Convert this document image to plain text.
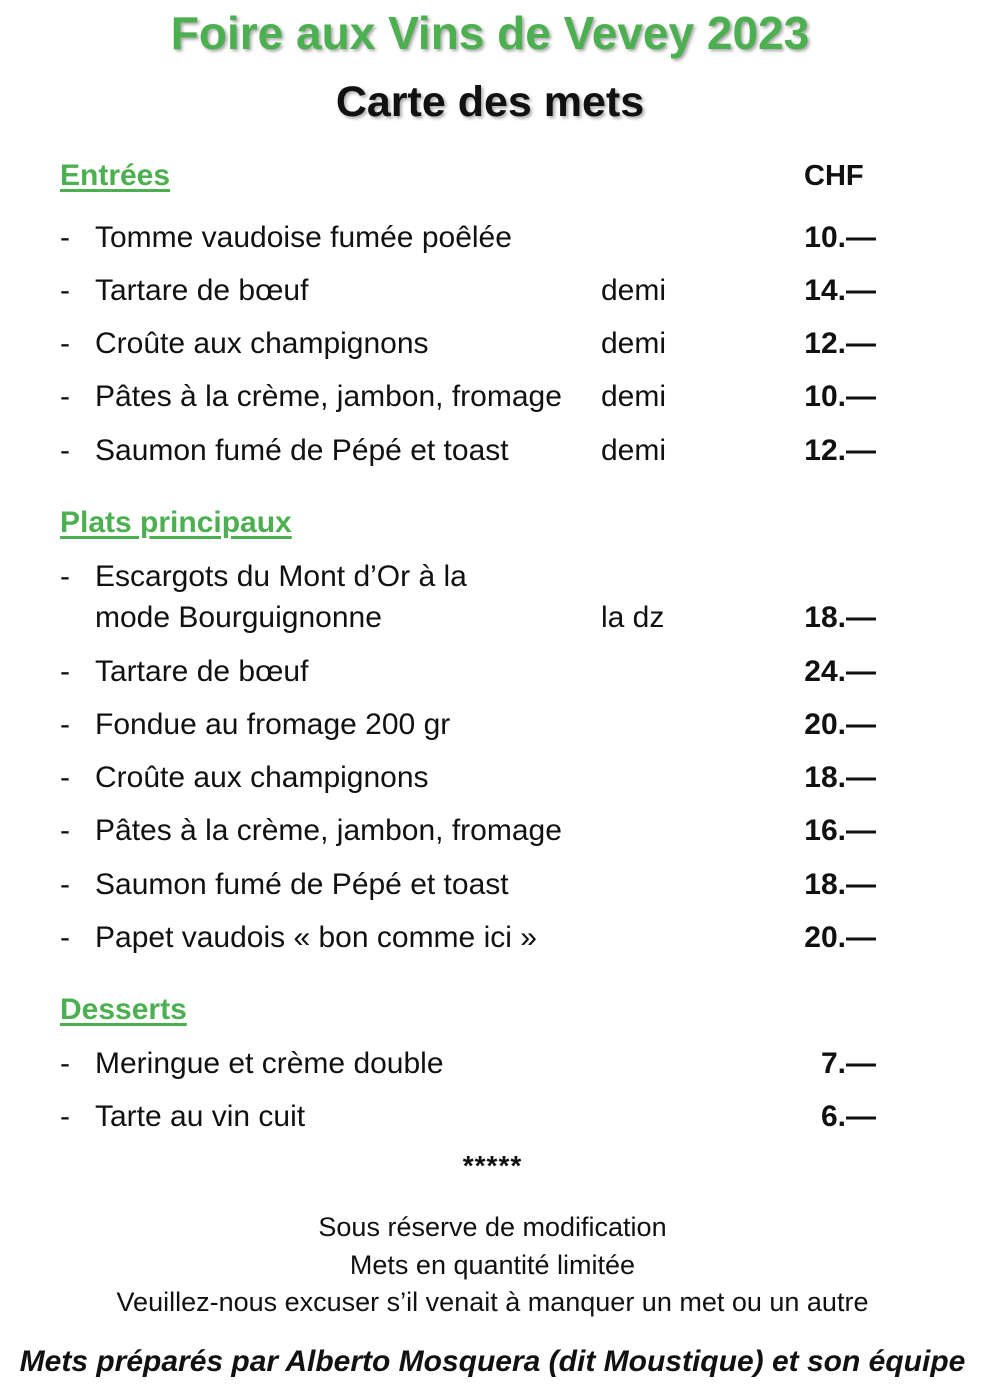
Foire aux Vins de Vevey 2023
Carte des mets
Entrées	CHF
- Tomme vaudoise fumée poêlée	10.—
- Tartare de bœuf	demi	14.—
- Croûte aux champignons	demi	12.—
- Pâtes à la crème, jambon, fromage demi	10.—
- Saumon fumé de Pépé et toast	demi	12.—
Plats principaux
- Escargots du Mont d’Or à la
mode Bourguignonne	la dz	18.—
- Tartare de bœuf	24.—
- Fondue au fromage 200 gr	20.—
- Croûte aux champignons	18.—
- Pâtes à la crème, jambon, fromage	16.—
- Saumon fumé de Pépé et toast	18.—
- Papet vaudois « bon comme ici »	20.—
Desserts
- Meringue et crème double	7.—
- Tarte au vin cuit	6.—
*****
Sous réserve de modification
Mets en quantité limitée
Veuillez-nous excuser s’il venait à manquer un met ou un autre
Mets préparés par Alberto Mosquera (dit Moustique) et son équipe
